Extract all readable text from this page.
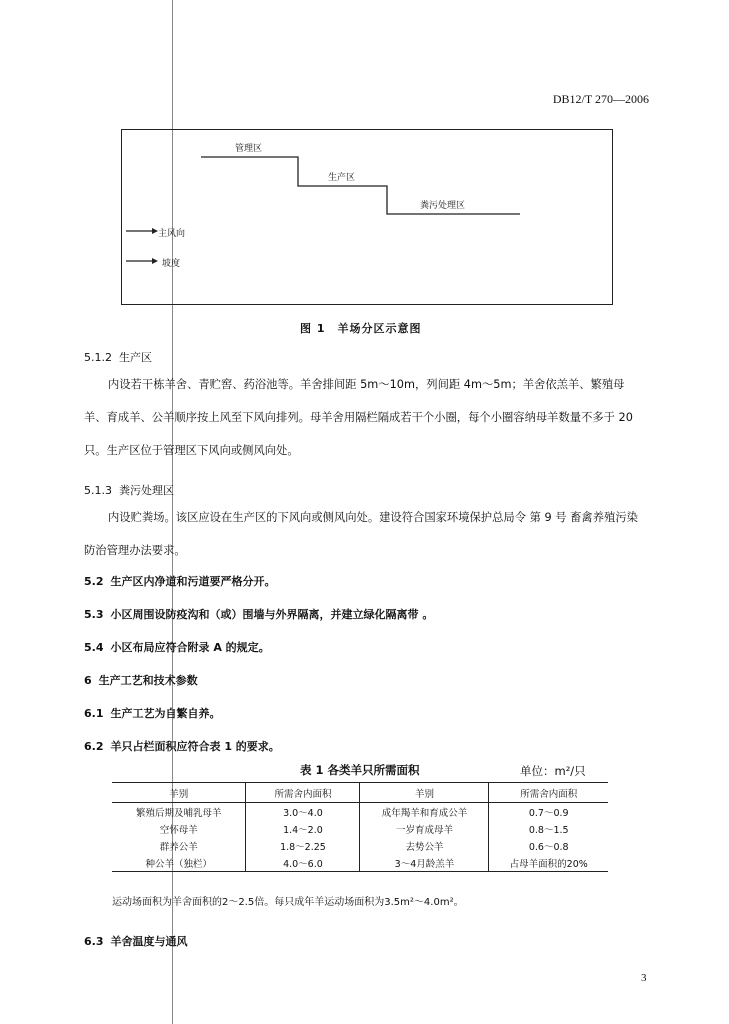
DB12/T 270—2006
管理区
生产区
粪污处理区
主风向
坡度
图 1　羊场分区示意图
5.1.2 生产区
内设若干栋羊舍、青贮窖、药浴池等。羊舍排间距 5m～10m，列间距 4m～5m；羊舍依羔羊、繁殖母羊、育成羊、公羊顺序按上风至下风向排列。母羊舍用隔栏隔成若干个小圈，每个小圈容纳母羊数量不多于 20 只。生产区位于管理区下风向或侧风向处。
5.1.3 粪污处理区
内设贮粪场。该区应设在生产区的下风向或侧风向处。建设符合国家环境保护总局令 第 9 号 畜禽养殖污染防治管理办法要求。
5.2 生产区内净道和污道要严格分开。
5.3 小区周围设防疫沟和（或）围墙与外界隔离，并建立绿化隔离带 。
5.4 小区布局应符合附录 A 的规定。
6 生产工艺和技术参数
6.1 生产工艺为自繁自养。
6.2 羊只占栏面积应符合表 1 的要求。
表 1 各类羊只所需面积	单位：m²/只
羊别	所需舍内面积	羊别	所需舍内面积
繁殖后期及哺乳母羊	3.0～4.0	成年羯羊和育成公羊	0.7～0.9
空怀母羊	1.4～2.0	一岁育成母羊	0.8～1.5
群养公羊	1.8～2.25	去势公羊	0.6～0.8
种公羊（独栏）	4.0～6.0	3～4月龄羔羊	占母羊面积的20%
运动场面积为羊舍面积的2～2.5倍。每只成年羊运动场面积为3.5m²～4.0m²。
6.3 羊舍温度与通风
3
